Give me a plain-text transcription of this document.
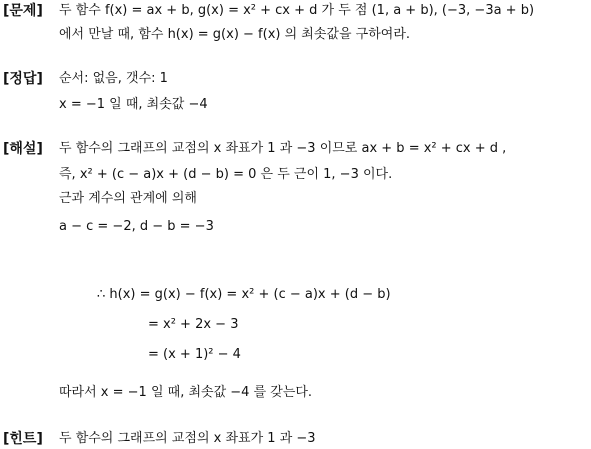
[문제] 두 함수 f(x) = ax + b, g(x) = x² + cx + d 가 두 점 (1, a + b), (−3, −3a + b)
에서 만날 때, 함수 h(x) = g(x) − f(x) 의 최솟값을 구하여라.
[정답] 순서: 없음, 갯수: 1
x = −1 일 때, 최솟값 −4
[해설] 두 함수의 그래프의 교점의 x 좌표가 1 과 −3 이므로 ax + b = x² + cx + d ,
즉, x² + (c − a)x + (d − b) = 0 은 두 근이 1, −3 이다.
근과 계수의 관계에 의해
a − c = −2, d − b = −3
∴ h(x) = g(x) − f(x) = x² + (c − a)x + (d − b)
= x² + 2x − 3
= (x + 1)² − 4
따라서 x = −1 일 때, 최솟값 −4 를 갖는다.
[힌트] 두 함수의 그래프의 교점의 x 좌표가 1 과 −3
